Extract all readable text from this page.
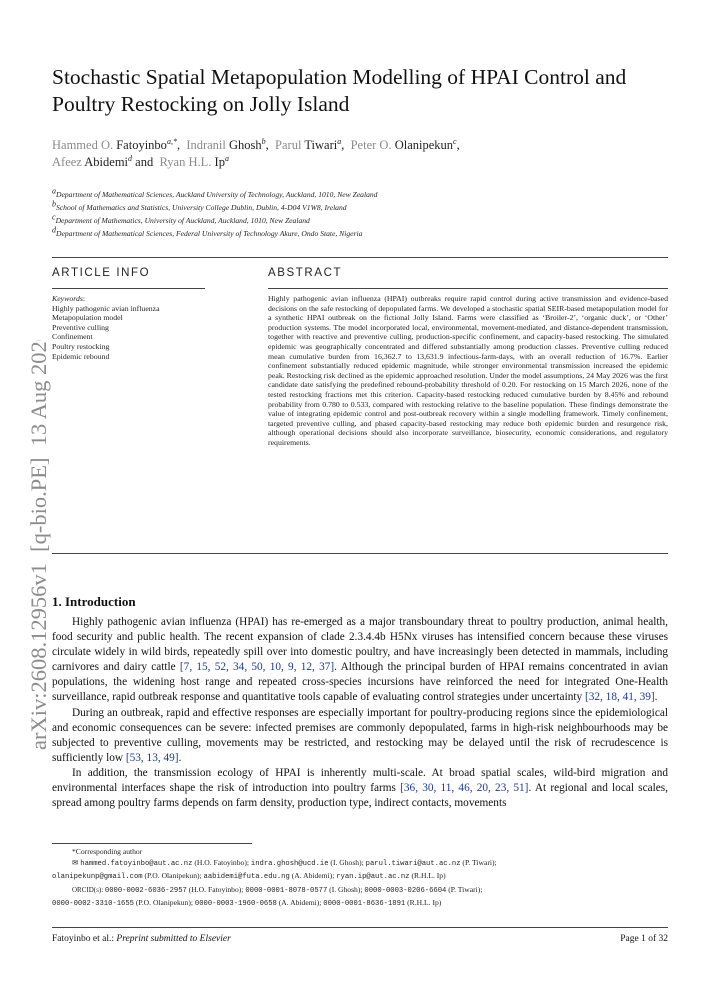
arXiv:2608.12956v1  [q-bio.PE]  13 Aug 2026
Stochastic Spatial Metapopulation Modelling of HPAI Control and Poultry Restocking on Jolly Island
Hammed O. Fatoyinbo$^{a,*}$,  Indranil Ghosh$^b$,  Parul Tiwari$^a$,  Peter O. Olanipekun$^c$,
Afeez Abidemi$^d$ and Ryan H.L. Ip$^a$
$^a$Department of Mathematical Sciences, Auckland University of Technology, Auckland, 1010, New Zealand
$^b$School of Mathematics and Statistics, University College Dublin, Dublin, 4-D04 V1W8, Ireland
$^c$Department of Mathematics, University of Auckland, Auckland, 1010, New Zealand
$^d$Department of Mathematical Sciences, Federal University of Technology Akure, Ondo State, Nigeria
ARTICLE INFO	ABSTRACT
Keywords:
Highly pathogenic avian influenza
Metapopulation model
Preventive culling
Confinement
Poultry restocking
Epidemic rebound
Highly pathogenic avian influenza (HPAI) outbreaks require rapid control during active transmission and evidence-based decisions on the safe restocking of depopulated farms. We developed a stochastic spatial SEIR-based metapopulation model for a synthetic HPAI outbreak on the fictional Jolly Island. Farms were classified as ‘Broiler-2’, ‘organic duck’, or ‘Other’ production systems. The model incorporated local, environmental, movement-mediated, and distance-dependent transmission, together with reactive and preventive culling, production-specific confinement, and capacity-based restocking. The simulated epidemic was geographically concentrated and differed substantially among production classes. Preventive culling reduced mean cumulative burden from 16,362.7 to 13,631.9 infectious-farm-days, with an overall reduction of 16.7%. Earlier confinement substantially reduced epidemic magnitude, while stronger environmental transmission increased the epidemic peak. Restocking risk declined as the epidemic approached resolution. Under the model assumptions, 24 May 2026 was the first candidate date satisfying the predefined rebound-probability threshold of 0.20. For restocking on 15 March 2026, none of the tested restocking fractions met this criterion. Capacity-based restocking reduced cumulative burden by 8.45% and rebound probability from 0.780 to 0.533, compared with restocking relative to the baseline population. These findings demonstrate the value of integrating epidemic control and post-outbreak recovery within a single modelling framework. Timely confinement, targeted preventive culling, and phased capacity-based restocking may reduce both epidemic burden and resurgence risk, although operational decisions should also incorporate surveillance, biosecurity, economic considerations, and regulatory requirements.
1. Introduction

Highly pathogenic avian influenza (HPAI) has re-emerged as a major transboundary threat to poultry production, animal health, food security and public health. The recent expansion of clade 2.3.4.4b H5Nx viruses has intensified concern because these viruses circulate widely in wild birds, repeatedly spill over into domestic poultry, and have increasingly been detected in mammals, including carnivores and dairy cattle [7, 15, 52, 34, 50, 10, 9, 12, 37]. Although the principal burden of HPAI remains concentrated in avian populations, the widening host range and repeated cross-species incursions have reinforced the need for integrated One-Health surveillance, rapid outbreak response and quantitative tools capable of evaluating control strategies under uncertainty [32, 18, 41, 39].

During an outbreak, rapid and effective responses are especially important for poultry-producing regions since the epidemiological and economic consequences can be severe: infected premises are commonly depopulated, farms in high-risk neighbourhoods may be subjected to preventive culling, movements may be restricted, and restocking may be delayed until the risk of recrudescence is sufficiently low [53, 13, 49].

In addition, the transmission ecology of HPAI is inherently multi-scale. At broad spatial scales, wild-bird migration and environmental interfaces shape the risk of introduction into poultry farms [36, 30, 11, 46, 20, 23, 51]. At regional and local scales, spread among poultry farms depends on farm density, production type, indirect contacts, movements

*Corresponding author
✉ hammed.fatoyinbo@aut.ac.nz (H.O. Fatoyinbo); indra.ghosh@ucd.ie (I. Ghosh); parul.tiwari@aut.ac.nz (P. Tiwari);
olanipekunp@gmail.com (P.O. Olanipekun); aabidemi@futa.edu.ng (A. Abidemi); ryan.ip@aut.ac.nz (R.H.L. Ip)
ORCID(s): 0000-0002-6036-2957 (H.O. Fatoyinbo); 0000-0001-8078-0577 (I. Ghosh); 0000-0003-0206-6604 (P. Tiwari);
0000-0002-3310-1655 (P.O. Olanipekun); 0000-0003-1960-0658 (A. Abidemi); 0000-0001-8636-1891 (R.H.L. Ip)
Fatoyinbo et al.: Preprint submitted to Elsevier	Page 1 of 32
